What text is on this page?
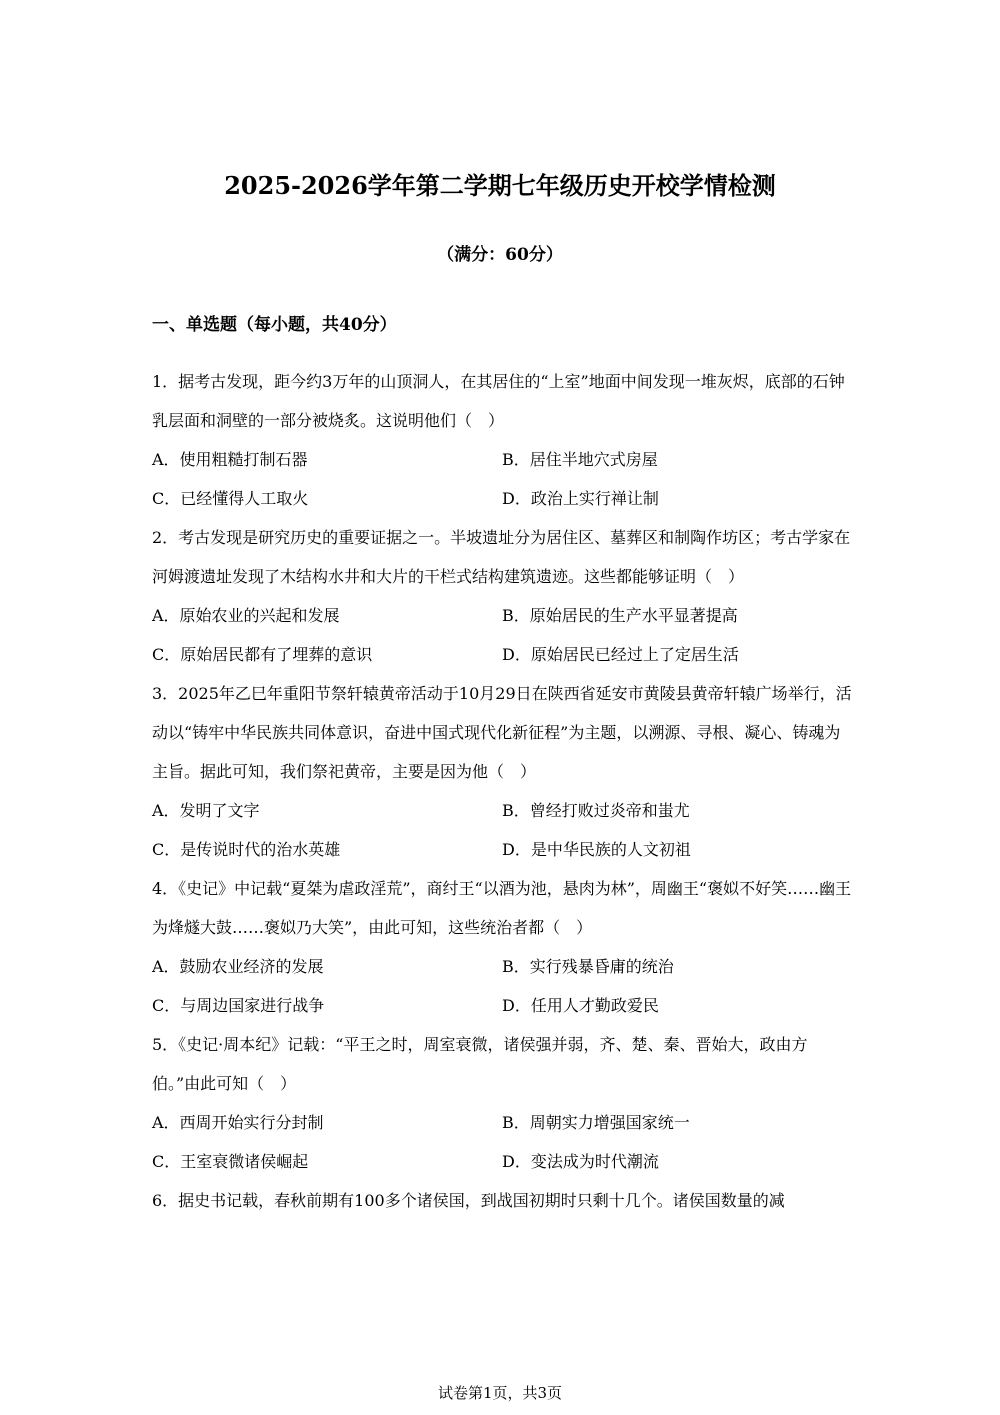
2025-2026学年第二学期七年级历史开校学情检测
（满分：60分）
一、单选题（每小题，共40分）
1．据考古发现，距今约3万年的山顶洞人，在其居住的“上室”地面中间发现一堆灰烬，底部的石钟乳层面和洞壁的一部分被烧炙。这说明他们（　）
A．使用粗糙打制石器	B．居住半地穴式房屋
C．已经懂得人工取火	D．政治上实行禅让制
2．考古发现是研究历史的重要证据之一。半坡遗址分为居住区、墓葬区和制陶作坊区；考古学家在河姆渡遗址发现了木结构水井和大片的干栏式结构建筑遗迹。这些都能够证明（　）
A．原始农业的兴起和发展	B．原始居民的生产水平显著提高
C．原始居民都有了埋葬的意识	D．原始居民已经过上了定居生活
3．2025年乙巳年重阳节祭轩辕黄帝活动于10月29日在陕西省延安市黄陵县黄帝轩辕广场举行，活动以“铸牢中华民族共同体意识，奋进中国式现代化新征程”为主题，以溯源、寻根、凝心、铸魂为主旨。据此可知，我们祭祀黄帝，主要是因为他（　）
A．发明了文字	B．曾经打败过炎帝和蚩尤
C．是传说时代的治水英雄	D．是中华民族的人文初祖
4．《史记》中记载“夏桀为虐政淫荒”，商纣王“以酒为池，悬肉为林”，周幽王“褒姒不好笑……幽王为烽燧大鼓……褒姒乃大笑”，由此可知，这些统治者都（　）
A．鼓励农业经济的发展	B．实行残暴昏庸的统治
C．与周边国家进行战争	D．任用人才勤政爱民
5．《史记·周本纪》记载：“平王之时，周室衰微，诸侯强并弱，齐、楚、秦、晋始大，政由方伯。”由此可知（　）
A．西周开始实行分封制	B．周朝实力增强国家统一
C．王室衰微诸侯崛起	D．变法成为时代潮流
6．据史书记载，春秋前期有100多个诸侯国，到战国初期时只剩十几个。诸侯国数量的减
试卷第1页，共3页
